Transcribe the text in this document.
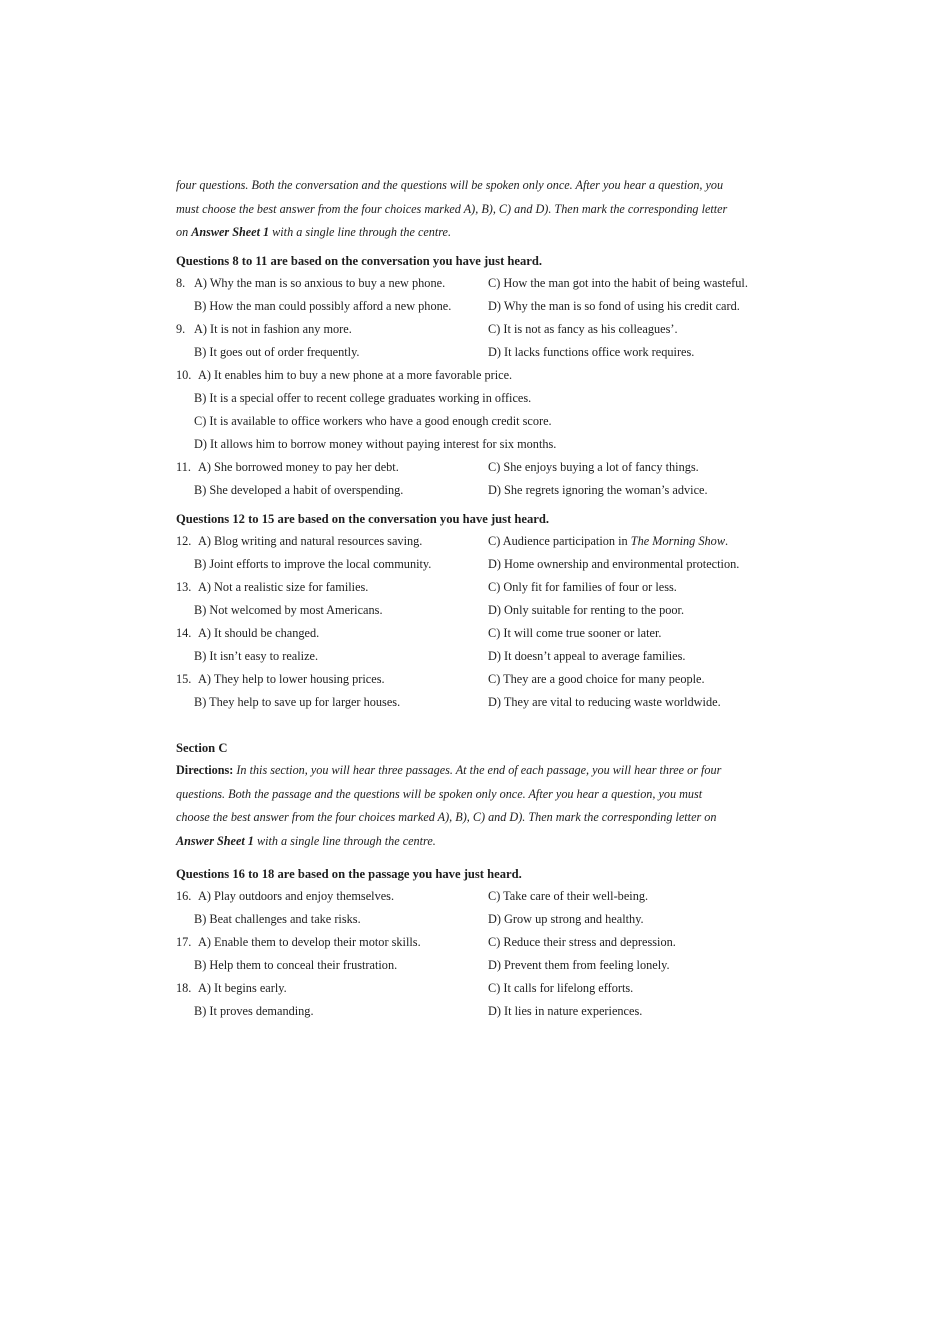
four questions. Both the conversation and the questions will be spoken only once. After you hear a question, you
must choose the best answer from the four choices marked A), B), C) and D). Then mark the corresponding letter
on Answer Sheet 1 with a single line through the centre.
Questions 8 to 11 are based on the conversation you have just heard.
8. A) Why the man is so anxious to buy a new phone.	C) How the man got into the habit of being wasteful.
B) How the man could possibly afford a new phone.	D) Why the man is so fond of using his credit card.
9. A) It is not in fashion any more.	C) It is not as fancy as his colleagues’.
B) It goes out of order frequently.	D) It lacks functions office work requires.
10. A) It enables him to buy a new phone at a more favorable price.
B) It is a special offer to recent college graduates working in offices.
C) It is available to office workers who have a good enough credit score.
D) It allows him to borrow money without paying interest for six months.
11. A) She borrowed money to pay her debt.	C) She enjoys buying a lot of fancy things.
B) She developed a habit of overspending.	D) She regrets ignoring the woman’s advice.
Questions 12 to 15 are based on the conversation you have just heard.
12. A) Blog writing and natural resources saving.	C) Audience participation in The Morning Show.
B) Joint efforts to improve the local community.	D) Home ownership and environmental protection.
13. A) Not a realistic size for families.	C) Only fit for families of four or less.
B) Not welcomed by most Americans.	D) Only suitable for renting to the poor.
14. A) It should be changed.	C) It will come true sooner or later.
B) It isn’t easy to realize.	D) It doesn’t appeal to average families.
15. A) They help to lower housing prices.	C) They are a good choice for many people.
B) They help to save up for larger houses.	D) They are vital to reducing waste worldwide.
Section C
Directions: In this section, you will hear three passages. At the end of each passage, you will hear three or four
questions. Both the passage and the questions will be spoken only once. After you hear a question, you must
choose the best answer from the four choices marked A), B), C) and D). Then mark the corresponding letter on
Answer Sheet 1 with a single line through the centre.
Questions 16 to 18 are based on the passage you have just heard.
16. A) Play outdoors and enjoy themselves.	C) Take care of their well-being.
B) Beat challenges and take risks.	D) Grow up strong and healthy.
17. A) Enable them to develop their motor skills.	C) Reduce their stress and depression.
B) Help them to conceal their frustration.	D) Prevent them from feeling lonely.
18. A) It begins early.	C) It calls for lifelong efforts.
B) It proves demanding.	D) It lies in nature experiences.
